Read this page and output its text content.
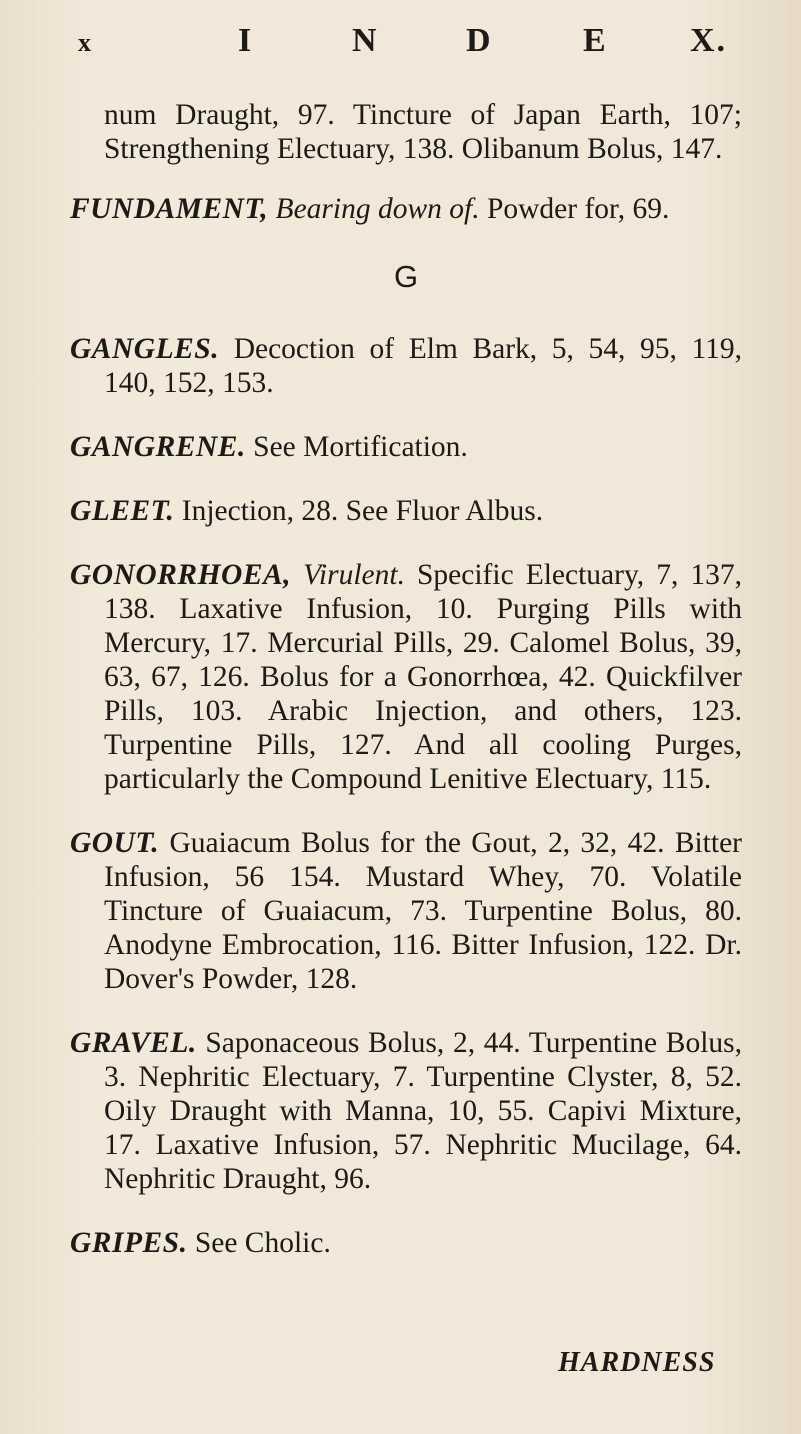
x	I	N	D	E X.

num Draught, 97. Tincture of Japan Earth, 107; Strengthening Electuary, 138. Olibanum Bolus, 147.

FUNDAMENT, Bearing down of. Powder for, 69.

G

GANGLES. Decoction of Elm Bark, 5, 54, 95, 119, 140, 152, 153.

GANGRENE. See Mortification.

GLEET. Injection, 28. See Fluor Albus.

GONORRHOEA, Virulent. Specific Electuary, 7, 137, 138. Laxative Infusion, 10. Purging Pills with Mercury, 17. Mercurial Pills, 29. Calomel Bolus, 39, 63, 67, 126. Bolus for a Gonorrhœa, 42. Quickfilver Pills, 103. Arabic Injection, and others, 123. Turpentine Pills, 127. And all cooling Purges, particularly the Compound Lenitive Electuary, 115.

GOUT. Guaiacum Bolus for the Gout, 2, 32, 42. Bitter Infusion, 56 154. Mustard Whey, 70. Volatile Tincture of Guaiacum, 73. Turpentine Bolus, 80. Anodyne Embrocation, 116. Bitter Infusion, 122. Dr. Dover's Powder, 128.

GRAVEL. Saponaceous Bolus, 2, 44. Turpentine Bolus, 3. Nephritic Electuary, 7. Turpentine Clyster, 8, 52. Oily Draught with Manna, 10, 55. Capivi Mixture, 17. Laxative Infusion, 57. Nephritic Mucilage, 64. Nephritic Draught, 96.

GRIPES. See Cholic.

HARDNESS
